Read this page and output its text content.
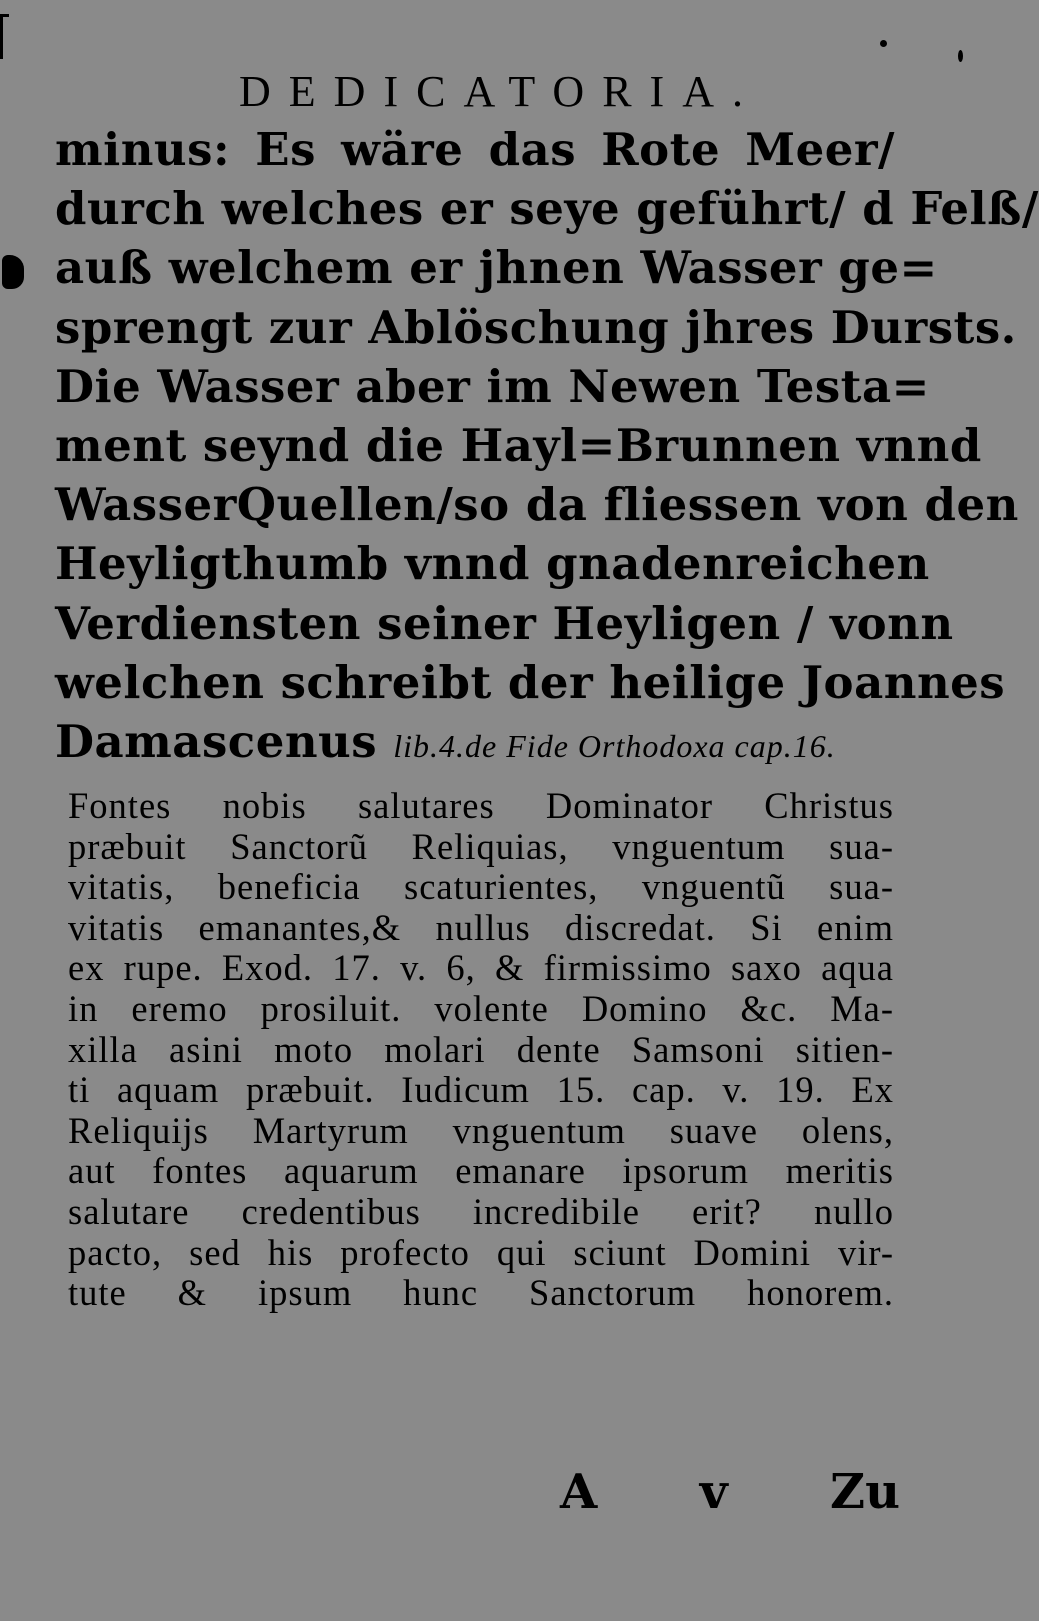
DEDICATORIA.
minus: Es wäre das Rote Meer/
durch welches er seye geführt/ d Felß/
auß welchem er jhnen Wasser ge=
sprengt zur Ablöschung jhres Dursts.
Die Wasser aber im Newen Testa=
ment seynd die Hayl=Brunnen vnnd
WasserQuellen/so da fliessen von den
Heyligthumb vnnd gnadenreichen
Verdiensten seiner Heyligen / vonn
welchen schreibt der heilige Joannes
Damascenus lib.4.de Fide Orthodoxa cap.16.
Fontes nobis salutares Dominator Christus
præbuit Sanctorũ Reliquias, vnguentum sua-
vitatis, beneficia scaturientes, vnguentũ sua-
vitatis emanantes,& nullus discredat. Si enim
ex rupe. Exod. 17. v. 6, & firmissimo saxo aqua
in eremo prosiluit. volente Domino &c. Ma-
xilla asini moto molari dente Samsoni sitien-
ti aquam præbuit. Iudicum 15. cap. v. 19. Ex
Reliquijs Martyrum vnguentum suave olens,
aut fontes aquarum emanare ipsorum meritis
salutare credentibus incredibile erit? nullo
pacto, sed his profecto qui sciunt Domini vir-
tute & ipsum hunc Sanctorum honorem.
A v Zu
